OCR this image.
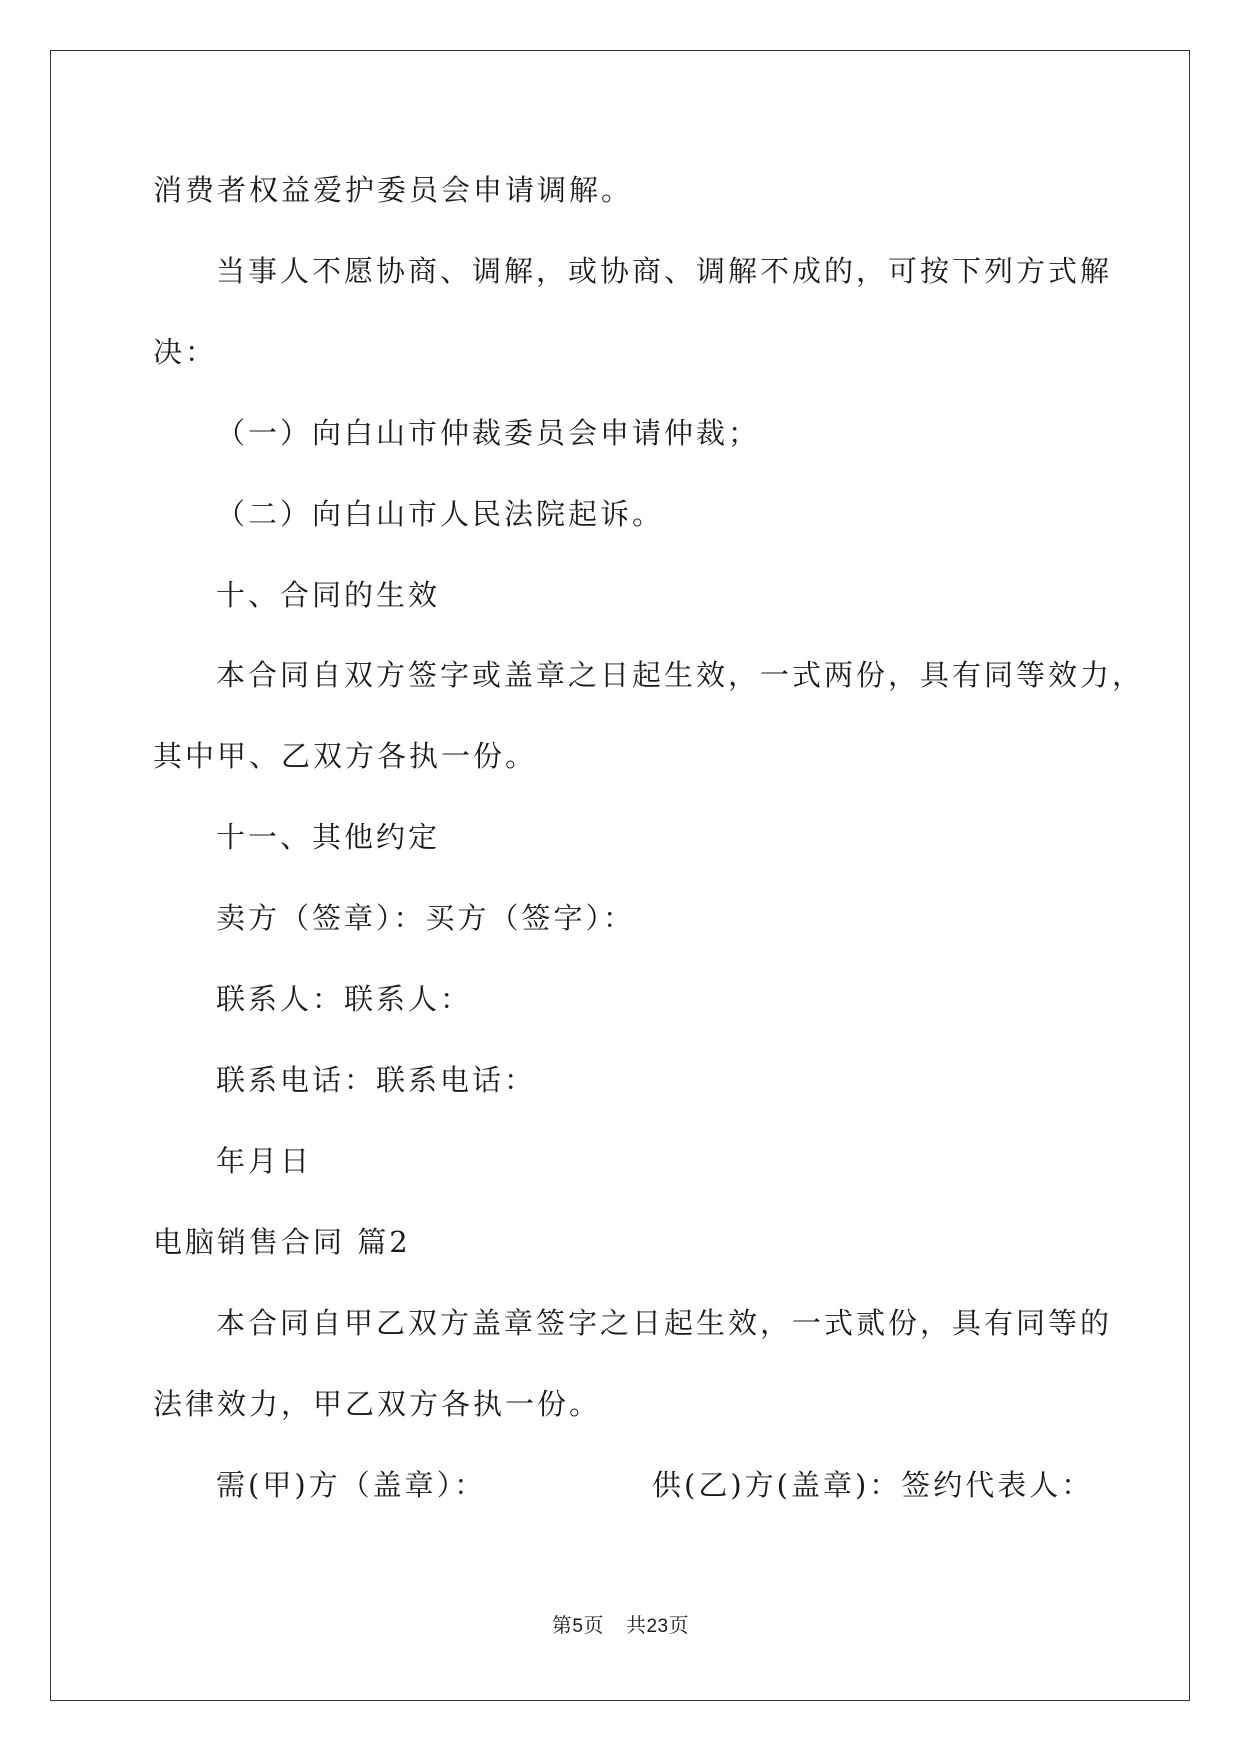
消费者权益爱护委员会申请调解。
当事人不愿协商、调解，或协商、调解不成的，可按下列方式解
决：
（一）向白山市仲裁委员会申请仲裁；
（二）向白山市人民法院起诉。
十、合同的生效
本合同自双方签字或盖章之日起生效，一式两份，具有同等效力，
其中甲、乙双方各执一份。
十一、其他约定
卖方（签章）：买方（签字）：
联系人：联系人：
联系电话：联系电话：
年月日
电脑销售合同 篇2
本合同自甲乙双方盖章签字之日起生效，一式贰份，具有同等的
法律效力，甲乙双方各执一份。
需(甲)方（盖章）：	供(乙)方(盖章)：签约代表人：
第5页 共23页
